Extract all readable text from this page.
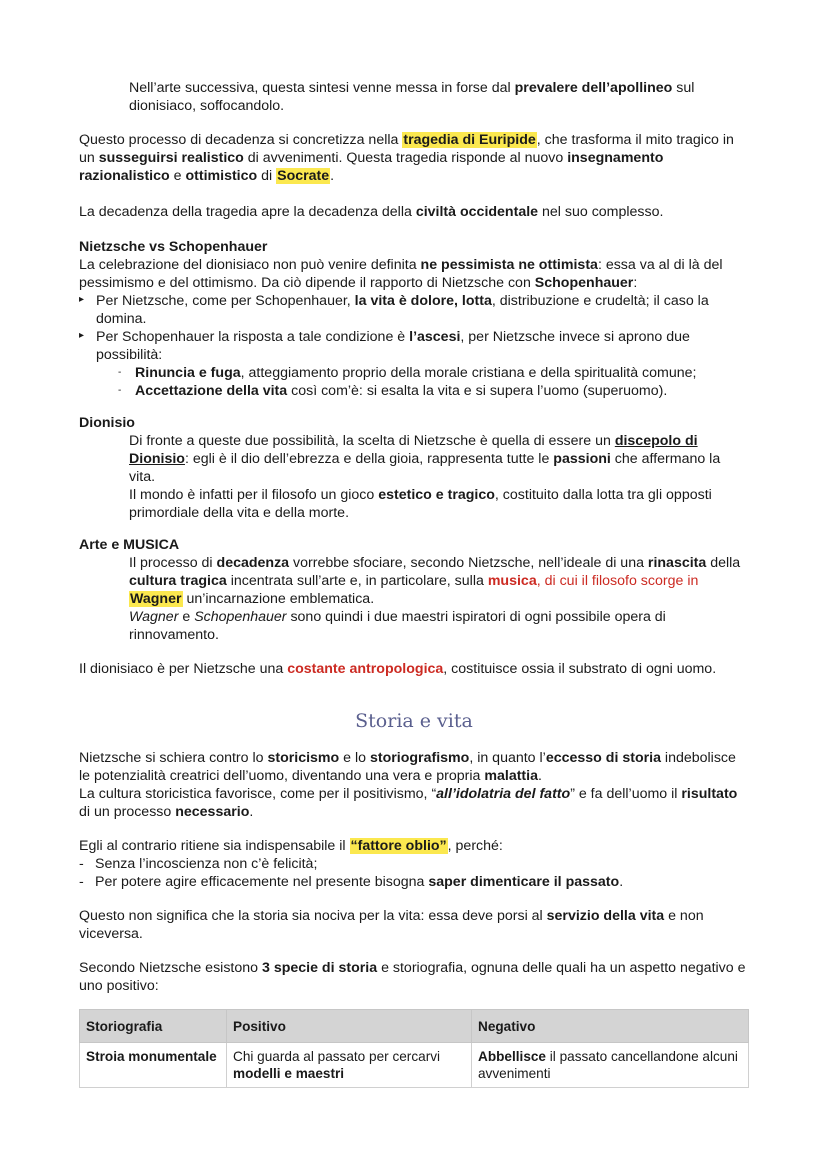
Nell’arte successiva, questa sintesi venne messa in forse dal prevalere dell’apollineo sul dionisiaco, soffocandolo.

Questo processo di decadenza si concretizza nella tragedia di Euripide, che trasforma il mito tragico in un susseguirsi realistico di avvenimenti. Questa tragedia risponde al nuovo insegnamento razionalistico e ottimistico di Socrate.

La decadenza della tragedia apre la decadenza della civiltà occidentale nel suo complesso.

Nietzsche vs Schopenhauer
La celebrazione del dionisiaco non può venire definita ne pessimista ne ottimista: essa va al di là del pessimismo e del ottimismo. Da ciò dipende il rapporto di Nietzsche con Schopenhauer:
▸ Per Nietzsche, come per Schopenhauer, la vita è dolore, lotta, distribuzione e crudeltà; il caso la domina.
▸ Per Schopenhauer la risposta a tale condizione è l’ascesi, per Nietzsche invece si aprono due possibilità:
- Rinuncia e fuga, atteggiamento proprio della morale cristiana e della spiritualità comune;
- Accettazione della vita così com’è: si esalta la vita e si supera l’uomo (superuomo).
Dionisio
Di fronte a queste due possibilità, la scelta di Nietzsche è quella di essere un discepolo di Dionisio: egli è il dio dell’ebrezza e della gioia, rappresenta tutte le passioni che affermano la vita.
Il mondo è infatti per il filosofo un gioco estetico e tragico, costituito dalla lotta tra gli opposti primordiale della vita e della morte.
Arte e MUSICA
Il processo di decadenza vorrebbe sfociare, secondo Nietzsche, nell’ideale di una rinascita della cultura tragica incentrata sull’arte e, in particolare, sulla musica, di cui il filosofo scorge in Wagner un’incarnazione emblematica.
Wagner e Schopenhauer sono quindi i due maestri ispiratori di ogni possibile opera di rinnovamento.

Il dionisiaco è per Nietzsche una costante antropologica, costituisce ossia il substrato di ogni uomo.

Storia e vita

Nietzsche si schiera contro lo storicismo e lo storiografismo, in quanto l’eccesso di storia indebolisce le potenzialità creatrici dell’uomo, diventando una vera e propria malattia.
La cultura storicistica favorisce, come per il positivismo, “all’idolatria del fatto” e fa dell’uomo il risultato di un processo necessario.

Egli al contrario ritiene sia indispensabile il “fattore oblio”, perché:
- Senza l’incoscienza non c’è felicità;
- Per potere agire efficacemente nel presente bisogna saper dimenticare il passato.

Questo non significa che la storia sia nociva per la vita: essa deve porsi al servizio della vita e non viceversa.

Secondo Nietzsche esistono 3 specie di storia e storiografia, ognuna delle quali ha un aspetto negativo e uno positivo:

Storiografia	Positivo	Negativo
Stroia monumentale	Chi guarda al passato per cercarvi modelli e maestri	Abbellisce il passato cancellandone alcuni avvenimenti
